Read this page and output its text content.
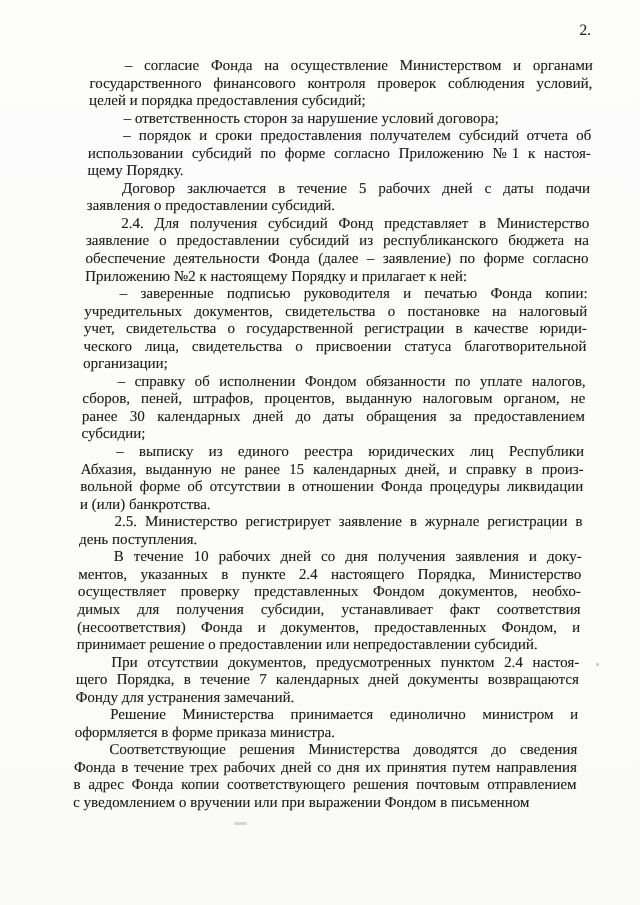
2.
– согласие Фонда на осуществление Министерством и органами
государственного финансового контроля проверок соблюдения условий,
целей и порядка предоставления субсидий;
– ответственность сторон за нарушение условий договора;
– порядок и сроки предоставления получателем субсидий отчета об
использовании субсидий по форме согласно Приложению №1 к настоя-
щему Порядку.
Договор заключается в течение 5 рабочих дней с даты подачи
заявления о предоставлении субсидий.
2.4. Для получения субсидий Фонд представляет в Министерство
заявление о предоставлении субсидий из республиканского бюджета на
обеспечение деятельности Фонда (далее – заявление) по форме согласно
Приложению №2 к настоящему Порядку и прилагает к ней:
– заверенные подписью руководителя и печатью Фонда копии:
учредительных документов, свидетельства о постановке на налоговый
учет, свидетельства о государственной регистрации в качестве юриди-
ческого лица, свидетельства о присвоении статуса благотворительной
организации;
– справку об исполнении Фондом обязанности по уплате налогов,
сборов, пеней, штрафов, процентов, выданную налоговым органом, не
ранее 30 календарных дней до даты обращения за предоставлением
субсидии;
– выписку из единого реестра юридических лиц Республики
Абхазия, выданную не ранее 15 календарных дней, и справку в произ-
вольной форме об отсутствии в отношении Фонда процедуры ликвидации
и (или) банкротства.
2.5. Министерство регистрирует заявление в журнале регистрации в
день поступления.
В течение 10 рабочих дней со дня получения заявления и доку-
ментов, указанных в пункте 2.4 настоящего Порядка, Министерство
осуществляет проверку представленных Фондом документов, необхо-
димых для получения субсидии, устанавливает факт соответствия
(несоответствия) Фонда и документов, предоставленных Фондом, и
принимает решение о предоставлении или непредоставлении субсидий.
При отсутствии документов, предусмотренных пунктом 2.4 настоя-
щего Порядка, в течение 7 календарных дней документы возвращаются
Фонду для устранения замечаний.
Решение Министерства принимается единолично министром и
оформляется в форме приказа министра.
Соответствующие решения Министерства доводятся до сведения
Фонда в течение трех рабочих дней со дня их принятия путем направления
в адрес Фонда копии соответствующего решения почтовым отправлением
с уведомлением о вручении или при выражении Фондом в письменном
